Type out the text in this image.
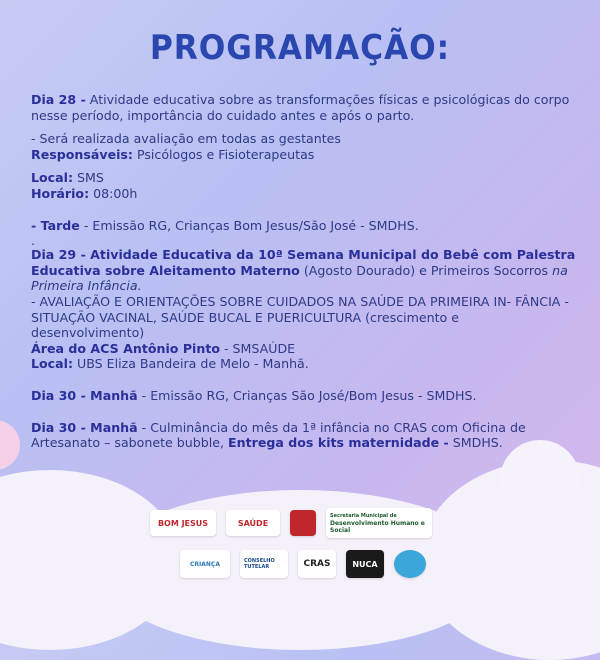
PROGRAMAÇÃO:

Dia 28 - Atividade educativa sobre as transformações físicas e psicológicas do corpo nesse período, importância do cuidado antes e após o parto.

- Será realizada avaliação em todas as gestantes

Responsáveis: Psicólogos e Fisioterapeutas

Local: SMS

Horário: 08:00h

- Tarde - Emissão RG, Crianças Bom Jesus/São José - SMDHS.

.

Dia 29 - Atividade Educativa da 10ª Semana Municipal do Bebê com Palestra Educativa sobre Aleitamento Materno (Agosto Dourado) e Primeiros Socorros na Primeira Infância.

- AVALIAÇÃO E ORIENTAÇÕES SOBRE CUIDADOS NA SAÚDE DA PRIMEIRA IN- FÂNCIA - SITUAÇÃO VACINAL, SAÚDE BUCAL E PUERICULTURA (crescimento e desenvolvimento)

Área do ACS Antônio Pinto - SMSAÚDE

Local: UBS Eliza Bandeira de Melo - Manhã.

Dia 30 - Manhã - Emissão RG, Crianças São José/Bom Jesus - SMDHS.

Dia 30 - Manhã - Culminância do mês da 1ª infância no CRAS com Oficina de Artesanato – sabonete bubble, Entrega dos kits maternidade - SMDHS.

BOM JESUS	SAÚDE
Secretaria Municipal de
Desenvolvimento Humano e Social
CRIANÇA	CONSELHO TUTELAR	CRAS	NUCA
